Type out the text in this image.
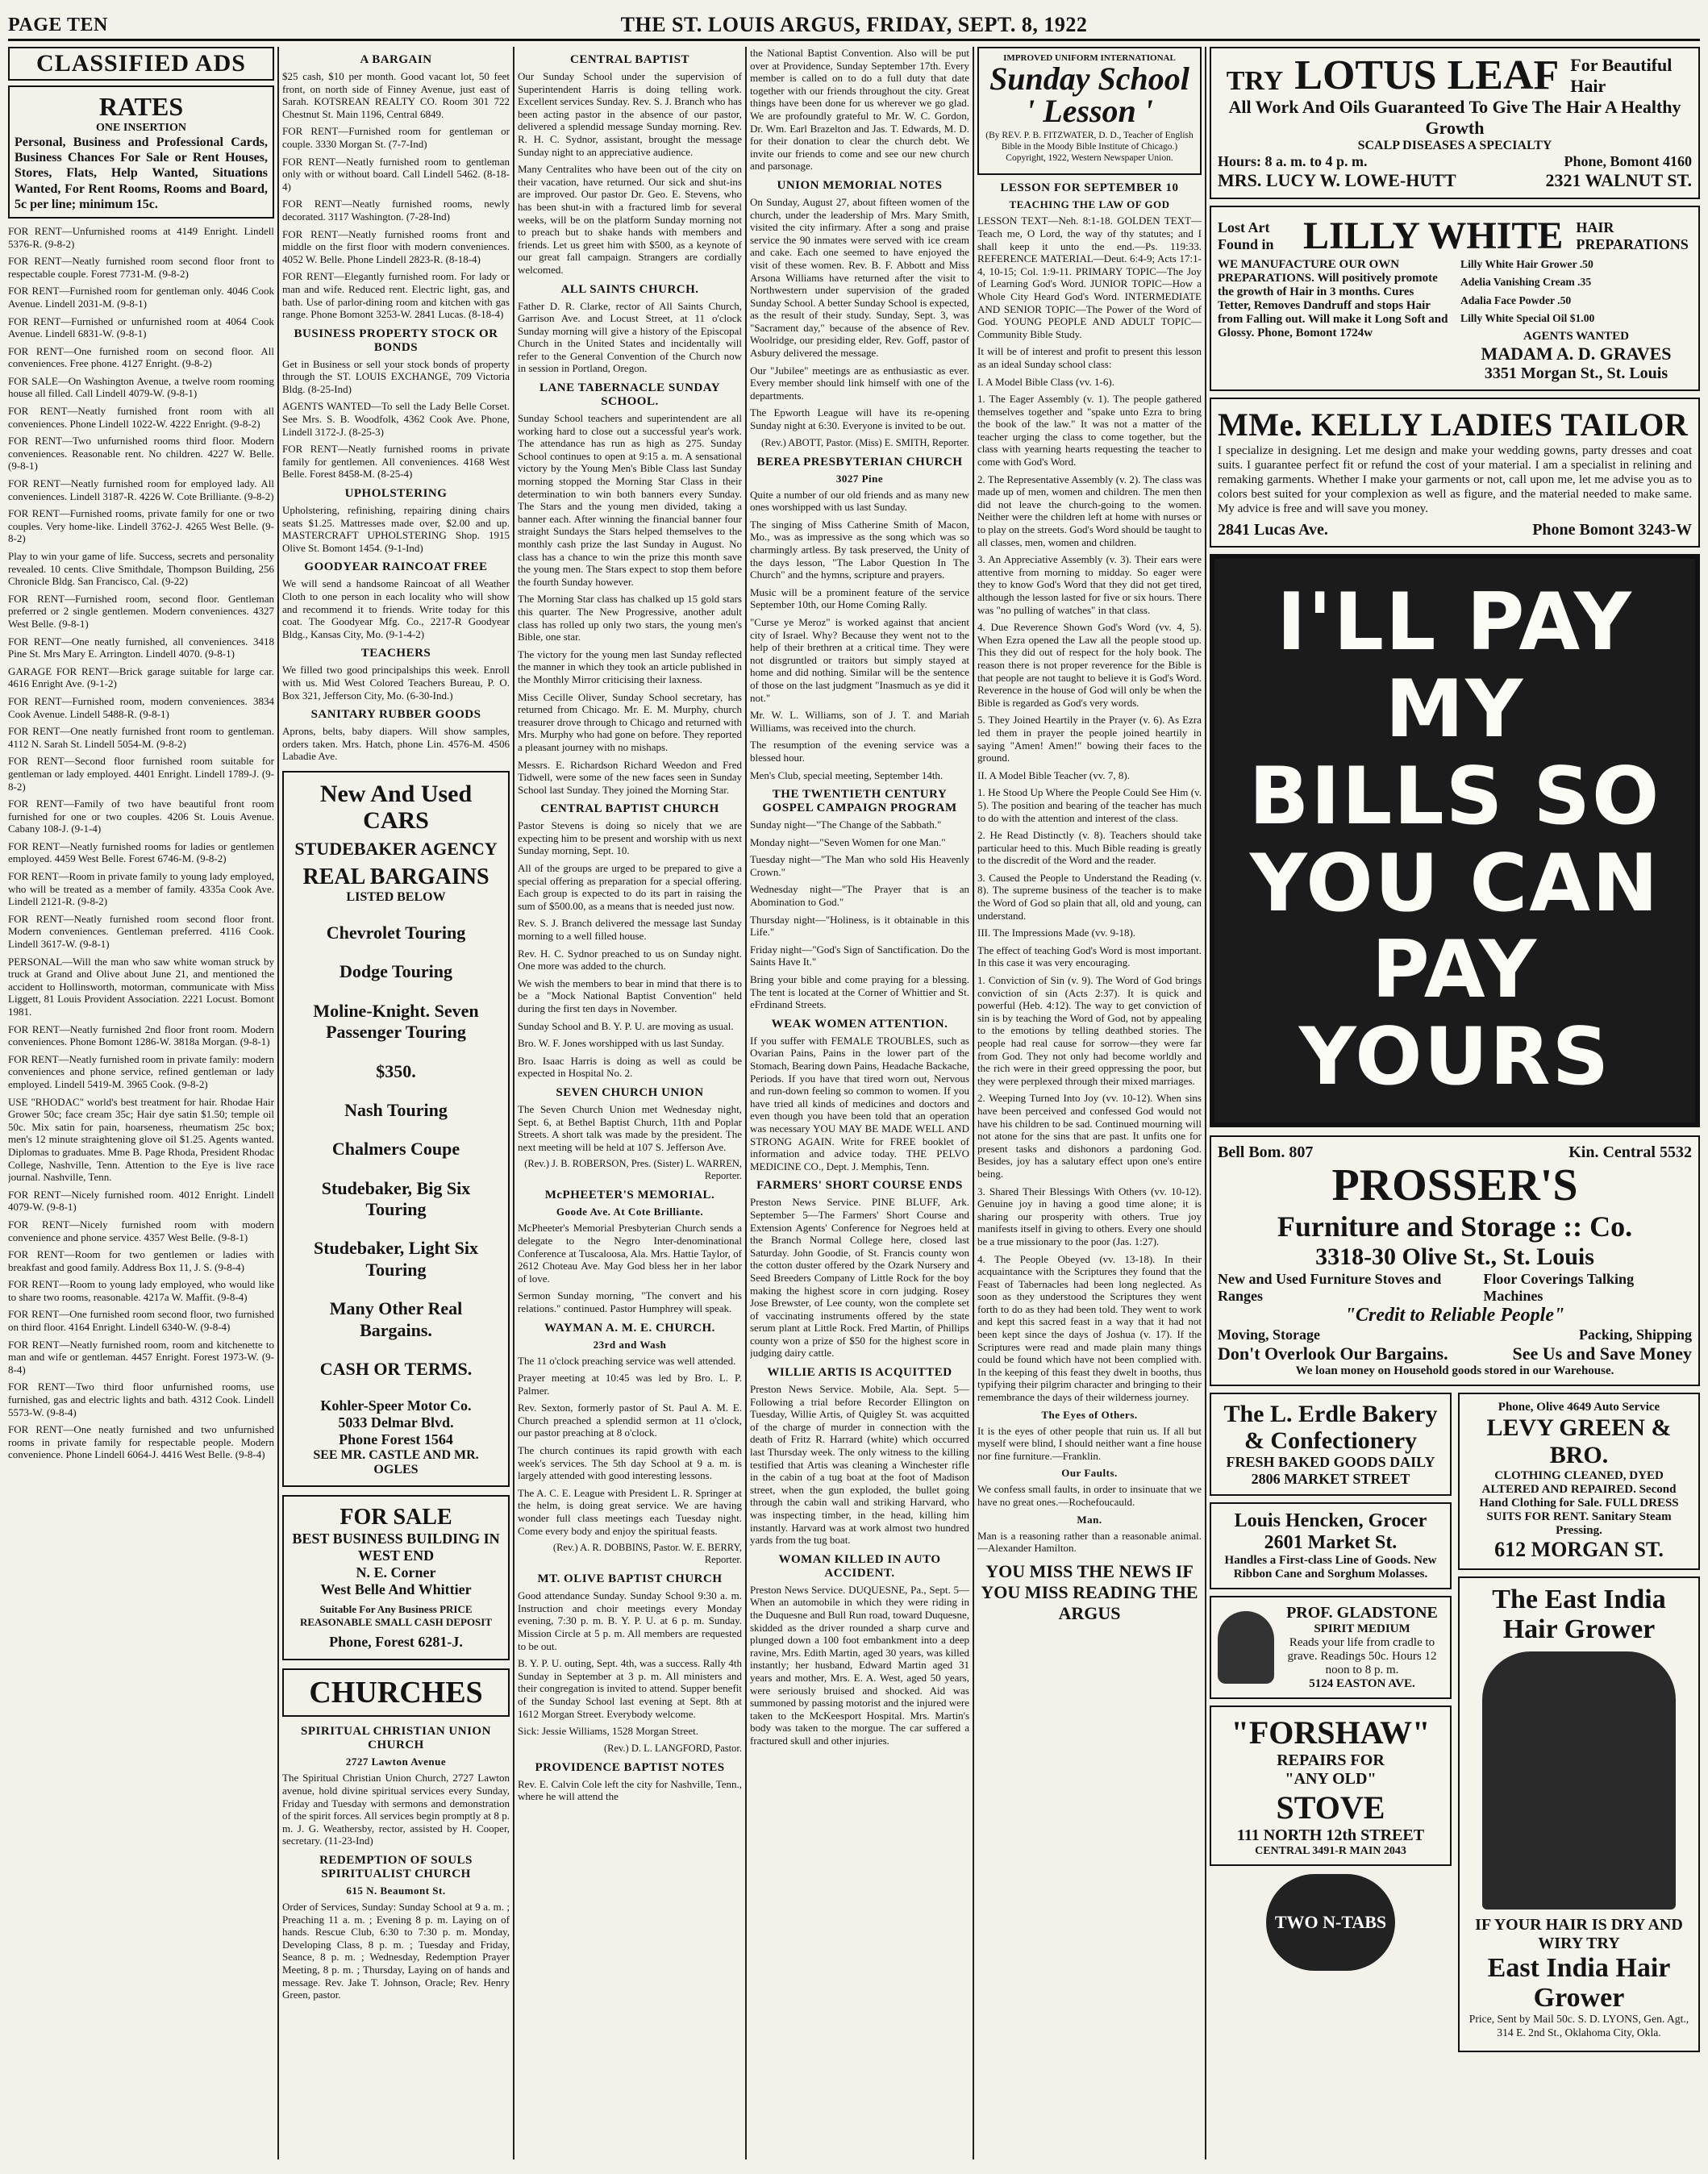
PAGE TEN	THE ST. LOUIS ARGUS, FRIDAY, SEPT. 8, 1922
CLASSIFIED ADS
RATES
ONE INSERTION
Personal, Business and Professional Cards, Business Chances For Sale or Rent Houses, Stores, Flats, Help Wanted, Situations Wanted, For Rent Rooms, Rooms and Board, 5c per line; minimum 15c.

FOR RENT—Unfurnished rooms at 4149 Enright. Lindell 5376-R. (9-8-2)

FOR RENT—Neatly furnished room second floor front to respectable couple. Forest 7731-M. (9-8-2)

FOR RENT—Furnished room for gentleman only. 4046 Cook Avenue. Lindell 2031-M. (9-8-1)

FOR RENT—Furnished or unfurnished room at 4064 Cook Avenue. Lindell 6831-W. (9-8-1)

FOR RENT—One furnished room on second floor. All conveniences. Free phone. 4127 Enright. (9-8-2)

FOR SALE—On Washington Avenue, a twelve room rooming house all filled. Call Lindell 4079-W. (9-8-1)

FOR RENT—Neatly furnished front room with all conveniences. Phone Lindell 1022-W. 4222 Enright. (9-8-2)

FOR RENT—Two unfurnished rooms third floor. Modern conveniences. Reasonable rent. No children. 4227 W. Belle. (9-8-1)

FOR RENT—Neatly furnished room for employed lady. All conveniences. Lindell 3187-R. 4226 W. Cote Brilliante. (9-8-2)

FOR RENT—Furnished rooms, private family for one or two couples. Very home-like. Lindell 3762-J. 4265 West Belle. (9-8-2)

Play to win your game of life. Success, secrets and personality revealed. 10 cents. Clive Smithdale, Thompson Building, 256 Chronicle Bldg. San Francisco, Cal. (9-22)

FOR RENT—Furnished room, second floor. Gentleman preferred or 2 single gentlemen. Modern conveniences. 4327 West Belle. (9-8-1)

FOR RENT—One neatly furnished, all conveniences. 3418 Pine St. Mrs Mary E. Arrington. Lindell 4070. (9-8-1)

GARAGE FOR RENT—Brick garage suitable for large car. 4616 Enright Ave. (9-1-2)

FOR RENT—Furnished room, modern conveniences. 3834 Cook Avenue. Lindell 5488-R. (9-8-1)

FOR RENT—One neatly furnished front room to gentleman. 4112 N. Sarah St. Lindell 5054-M. (9-8-2)

FOR RENT—Second floor furnished room suitable for gentleman or lady employed. 4401 Enright. Lindell 1789-J. (9-8-2)

FOR RENT—Family of two have beautiful front room furnished for one or two couples. 4206 St. Louis Avenue. Cabany 108-J. (9-1-4)

FOR RENT—Neatly furnished rooms for ladies or gentlemen employed. 4459 West Belle. Forest 6746-M. (9-8-2)

FOR RENT—Room in private family to young lady employed, who will be treated as a member of family. 4335a Cook Ave. Lindell 2121-R. (9-8-2)

FOR RENT—Neatly furnished room second floor front. Modern conveniences. Gentleman preferred. 4116 Cook. Lindell 3617-W. (9-8-1)

PERSONAL—Will the man who saw white woman struck by truck at Grand and Olive about June 21, and mentioned the accident to Hollinsworth, motorman, communicate with Miss Liggett, 81 Louis Provident Association. 2221 Locust. Bomont 1981.

FOR RENT—Neatly furnished 2nd floor front room. Modern conveniences. Phone Bomont 1286-W. 3818a Morgan. (9-8-1)

FOR RENT—Neatly furnished room in private family: modern conveniences and phone service, refined gentleman or lady employed. Lindell 5419-M. 3965 Cook. (9-8-2)

USE "RHODAC" world's best treatment for hair. Rhodae Hair Grower 50c; face cream 35c; Hair dye satin $1.50; temple oil 50c. Mix satin for pain, hoarseness, rheumatism 25c box; men's 12 minute straightening glove oil $1.25. Agents wanted. Diplomas to graduates. Mme B. Page Rhoda, President Rhodac College, Nashville, Tenn. Attention to the Eye is live race journal. Nashville, Tenn.

FOR RENT—Nicely furnished room. 4012 Enright. Lindell 4079-W. (9-8-1)

FOR RENT—Nicely furnished room with modern convenience and phone service. 4357 West Belle. (9-8-1)

FOR RENT—Room for two gentlemen or ladies with breakfast and good family. Address Box 11, J. S. (9-8-4)

FOR RENT—Room to young lady employed, who would like to share two rooms, reasonable. 4217a W. Maffit. (9-8-4)

FOR RENT—One furnished room second floor, two furnished on third floor. 4164 Enright. Lindell 6340-W. (9-8-4)

FOR RENT—Neatly furnished room, room and kitchenette to man and wife or gentleman. 4457 Enright. Forest 1973-W. (9-8-4)

FOR RENT—Two third floor unfurnished rooms, use furnished, gas and electric lights and bath. 4312 Cook. Lindell 5573-W. (9-8-4)

FOR RENT—One neatly furnished and two unfurnished rooms in private family for respectable people. Modern convenience. Phone Lindell 6064-J. 4416 West Belle. (9-8-4)

A BARGAIN

$25 cash, $10 per month. Good vacant lot, 50 feet front, on north side of Finney Avenue, just east of Sarah. KOTSREAN REALTY CO. Room 301 722 Chestnut St. Main 1196, Central 6849.

FOR RENT—Furnished room for gentleman or couple. 3330 Morgan St. (7-7-Ind)

FOR RENT—Neatly furnished room to gentleman only with or without board. Call Lindell 5462. (8-18-4)

FOR RENT—Neatly furnished rooms, newly decorated. 3117 Washington. (7-28-Ind)

FOR RENT—Neatly furnished rooms front and middle on the first floor with modern conveniences. 4052 W. Belle. Phone Lindell 2823-R. (8-18-4)

FOR RENT—Elegantly furnished room. For lady or man and wife. Reduced rent. Electric light, gas, and bath. Use of parlor-dining room and kitchen with gas range. Phone Bomont 3253-W. 2841 Lucas. (8-18-4)

BUSINESS PROPERTY STOCK OR BONDS

Get in Business or sell your stock bonds of property through the ST. LOUIS EXCHANGE, 709 Victoria Bldg. (8-25-Ind)

AGENTS WANTED—To sell the Lady Belle Corset. See Mrs. S. B. Woodfolk, 4362 Cook Ave. Phone, Lindell 3172-J. (8-25-3)

FOR RENT—Neatly furnished rooms in private family for gentlemen. All conveniences. 4168 West Belle. Forest 8458-M. (8-25-4)

UPHOLSTERING

Upholstering, refinishing, repairing dining chairs seats $1.25. Mattresses made over, $2.00 and up. MASTERCRAFT UPHOLSTERING Shop. 1915 Olive St. Bomont 1454. (9-1-Ind)

GOODYEAR RAINCOAT FREE

We will send a handsome Raincoat of all Weather Cloth to one person in each locality who will show and recommend it to friends. Write today for this coat. The Goodyear Mfg. Co., 2217-R Goodyear Bldg., Kansas City, Mo. (9-1-4-2)

TEACHERS

We filled two good principalships this week. Enroll with us. Mid West Colored Teachers Bureau, P. O. Box 321, Jefferson City, Mo. (6-30-Ind.)

SANITARY RUBBER GOODS

Aprons, belts, baby diapers. Will show samples, orders taken. Mrs. Hatch, phone Lin. 4576-M. 4506 Labadie Ave.

New And Used CARS
STUDEBAKER AGENCY
REAL BARGAINS
LISTED BELOW

Chevrolet Touring

Dodge Touring

Moline-Knight. Seven Passenger Touring

$350.

Nash Touring

Chalmers Coupe

Studebaker, Big Six Touring

Studebaker, Light Six Touring

Many Other Real Bargains.

CASH OR TERMS.

Kohler-Speer Motor Co.
5033 Delmar Blvd.
Phone Forest 1564
SEE MR. CASTLE AND MR. OGLES
FOR SALE
BEST BUSINESS BUILDING IN WEST END
N. E. Corner
West Belle And Whittier
Suitable For Any Business PRICE REASONABLE SMALL CASH DEPOSIT
Phone, Forest 6281-J.
CHURCHES
SPIRITUAL CHRISTIAN UNION CHURCH
2727 Lawton Avenue

The Spiritual Christian Union Church, 2727 Lawton avenue, hold divine spiritual services every Sunday, Friday and Tuesday with sermons and demonstration of the spirit forces. All services begin promptly at 8 p. m. J. G. Weathersby, rector, assisted by H. Cooper, secretary. (11-23-Ind)

REDEMPTION OF SOULS SPIRITUALIST CHURCH
615 N. Beaumont St.

Order of Services, Sunday: Sunday School at 9 a. m. ; Preaching 11 a. m. ; Evening 8 p. m. Laying on of hands. Rescue Club, 6:30 to 7:30 p. m. Monday, Developing Class, 8 p. m. ; Tuesday and Friday, Seance, 8 p. m. ; Wednesday, Redemption Prayer Meeting, 8 p. m. ; Thursday, Laying on of hands and message. Rev. Jake T. Johnson, Oracle; Rev. Henry Green, pastor.

CENTRAL BAPTIST

Our Sunday School under the supervision of Superintendent Harris is doing telling work. Excellent services Sunday. Rev. S. J. Branch who has been acting pastor in the absence of our pastor, delivered a splendid message Sunday morning. Rev. R. H. C. Sydnor, assistant, brought the message Sunday night to an appreciative audience.

Many Centralites who have been out of the city on their vacation, have returned. Our sick and shut-ins are improved. Our pastor Dr. Geo. E. Stevens, who has been shut-in with a fractured limb for several weeks, will be on the platform Sunday morning not to preach but to shake hands with members and friends. Let us greet him with $500, as a keynote of our great fall campaign. Strangers are cordially welcomed.

ALL SAINTS CHURCH.

Father D. R. Clarke, rector of All Saints Church, Garrison Ave. and Locust Street, at 11 o'clock Sunday morning will give a history of the Episcopal Church in the United States and incidentally will refer to the General Convention of the Church now in session in Portland, Oregon.

LANE TABERNACLE SUNDAY SCHOOL.

Sunday School teachers and superintendent are all working hard to close out a successful year's work. The attendance has run as high as 275. Sunday School continues to open at 9:15 a. m. A sensational victory by the Young Men's Bible Class last Sunday morning stopped the Morning Star Class in their determination to win both banners every Sunday. The Stars and the young men divided, taking a banner each. After winning the financial banner four straight Sundays the Stars helped themselves to the monthly cash prize the last Sunday in August. No class has a chance to win the prize this month save the young men. The Stars expect to stop them before the fourth Sunday however.

The Morning Star class has chalked up 15 gold stars this quarter. The New Progressive, another adult class has rolled up only two stars, the young men's Bible, one star.

The victory for the young men last Sunday reflected the manner in which they took an article published in the Monthly Mirror criticising their laxness.

Miss Cecille Oliver, Sunday School secretary, has returned from Chicago. Mr. E. M. Murphy, church treasurer drove through to Chicago and returned with Mrs. Murphy who had gone on before. They reported a pleasant journey with no mishaps.

Messrs. E. Richardson Richard Weedon and Fred Tidwell, were some of the new faces seen in Sunday School last Sunday. They joined the Morning Star.

CENTRAL BAPTIST CHURCH

Pastor Stevens is doing so nicely that we are expecting him to be present and worship with us next Sunday morning, Sept. 10.

All of the groups are urged to be prepared to give a special offering as preparation for a special offering. Each group is expected to do its part in raising the sum of $500.00, as a means that is needed just now.

Rev. S. J. Branch delivered the message last Sunday morning to a well filled house.

Rev. H. C. Sydnor preached to us on Sunday night. One more was added to the church.

We wish the members to bear in mind that there is to be a "Mock National Baptist Convention" held during the first ten days in November.

Sunday School and B. Y. P. U. are moving as usual.

Bro. W. F. Jones worshipped with us last Sunday.

Bro. Isaac Harris is doing as well as could be expected in Hospital No. 2.

SEVEN CHURCH UNION

The Seven Church Union met Wednesday night, Sept. 6, at Bethel Baptist Church, 11th and Poplar Streets. A short talk was made by the president. The next meeting will be held at 107 S. Jefferson Ave.

(Rev.) J. B. ROBERSON, Pres. (Sister) L. WARREN, Reporter.

McPHEETER'S MEMORIAL.
Goode Ave. At Cote Brilliante.

McPheeter's Memorial Presbyterian Church sends a delegate to the Negro Inter-denominational Conference at Tuscaloosa, Ala. Mrs. Hattie Taylor, of 2612 Choteau Ave. May God bless her in her labor of love.

Sermon Sunday morning, "The convert and his relations." continued. Pastor Humphrey will speak.

WAYMAN A. M. E. CHURCH.
23rd and Wash

The 11 o'clock preaching service was well attended.

Prayer meeting at 10:45 was led by Bro. L. P. Palmer.

Rev. Sexton, formerly pastor of St. Paul A. M. E. Church preached a splendid sermon at 11 o'clock, our pastor preaching at 8 o'clock.

The church continues its rapid growth with each week's services. The 5th day School at 9 a. m. is largely attended with good interesting lessons.

The A. C. E. League with President L. R. Springer at the helm, is doing great service. We are having wonder full class meetings each Tuesday night. Come every body and enjoy the spiritual feasts.

(Rev.) A. R. DOBBINS, Pastor. W. E. BERRY, Reporter.

MT. OLIVE BAPTIST CHURCH

Good attendance Sunday. Sunday School 9:30 a. m. Instruction and choir meetings every Monday evening, 7:30 p. m. B. Y. P. U. at 6 p. m. Sunday. Mission Circle at 5 p. m. All members are requested to be out.

B. Y. P. U. outing, Sept. 4th, was a success. Rally 4th Sunday in September at 3 p. m. All ministers and their congregation is invited to attend. Supper benefit of the Sunday School last evening at Sept. 8th at 1612 Morgan Street. Everybody welcome.

Sick: Jessie Williams, 1528 Morgan Street.

(Rev.) D. L. LANGFORD, Pastor.

PROVIDENCE BAPTIST NOTES

Rev. E. Calvin Cole left the city for Nashville, Tenn., where he will attend the

the National Baptist Convention. Also will be put over at Providence, Sunday September 17th. Every member is called on to do a full duty that date together with our friends throughout the city. Great things have been done for us wherever we go glad. We are profoundly grateful to Mr. W. C. Gordon, Dr. Wm. Earl Brazelton and Jas. T. Edwards, M. D. for their donation to clear the church debt. We invite our friends to come and see our new church and parsonage.

UNION MEMORIAL NOTES

On Sunday, August 27, about fifteen women of the church, under the leadership of Mrs. Mary Smith, visited the city infirmary. After a song and praise service the 90 inmates were served with ice cream and cake. Each one seemed to have enjoyed the visit of these women. Rev. B. F. Abbott and Miss Arsona Williams have returned after the visit to Northwestern under supervision of the graded Sunday School. A better Sunday School is expected, as the result of their study. Sunday, Sept. 3, was "Sacrament day," because of the absence of Rev. Woolridge, our presiding elder, Rev. Goff, pastor of Asbury delivered the message.

Our "Jubilee" meetings are as enthusiastic as ever. Every member should link himself with one of the departments.

The Epworth League will have its re-opening Sunday night at 6:30. Everyone is invited to be out.

(Rev.) ABOTT, Pastor. (Miss) E. SMITH, Reporter.

BEREA PRESBYTERIAN CHURCH
3027 Pine

Quite a number of our old friends and as many new ones worshipped with us last Sunday.

The singing of Miss Catherine Smith of Macon, Mo., was as impressive as the song which was so charmingly artless. By task preserved, the Unity of the days lesson, "The Labor Question In The Church" and the hymns, scripture and prayers.

Music will be a prominent feature of the service September 10th, our Home Coming Rally.

"Curse ye Meroz" is worked against that ancient city of Israel. Why? Because they went not to the help of their brethren at a critical time. They were not disgruntled or traitors but simply stayed at home and did nothing. Similar will be the sentence of those on the last judgment "Inasmuch as ye did it not."

Mr. W. L. Williams, son of J. T. and Mariah Williams, was received into the church.

The resumption of the evening service was a blessed hour.

Men's Club, special meeting, September 14th.

THE TWENTIETH CENTURY GOSPEL CAMPAIGN PROGRAM

Sunday night—"The Change of the Sabbath."

Monday night—"Seven Women for one Man."

Tuesday night—"The Man who sold His Heavenly Crown."

Wednesday night—"The Prayer that is an Abomination to God."

Thursday night—"Holiness, is it obtainable in this Life."

Friday night—"God's Sign of Sanctification. Do the Saints Have It."

Bring your bible and come praying for a blessing. The tent is located at the Corner of Whittier and St. eFrdinand Streets.

WEAK WOMEN ATTENTION.

If you suffer with FEMALE TROUBLES, such as Ovarian Pains, Pains in the lower part of the Stomach, Bearing down Pains, Headache Backache, Periods. If you have that tired worn out, Nervous and run-down feeling so common to women. If you have tried all kinds of medicines and doctors and even though you have been told that an operation was necessary YOU MAY BE MADE WELL AND STRONG AGAIN. Write for FREE booklet of information and advice today. THE PELVO MEDICINE CO., Dept. J. Memphis, Tenn.

FARMERS' SHORT COURSE ENDS

Preston News Service. PINE BLUFF, Ark. September 5—The Farmers' Short Course and Extension Agents' Conference for Negroes held at the Branch Normal College here, closed last Saturday. John Goodie, of St. Francis county won the cotton duster offered by the Ozark Nursery and Seed Breeders Company of Little Rock for the boy making the highest score in corn judging. Rosey Jose Brewster, of Lee county, won the complete set of vaccinating instruments offered by the state serum plant at Little Rock. Fred Martin, of Phillips county won a prize of $50 for the highest score in judging dairy cattle.

WILLIE ARTIS IS ACQUITTED

Preston News Service. Mobile, Ala. Sept. 5—Following a trial before Recorder Ellington on Tuesday, Willie Artis, of Quigley St. was acquitted of the charge of murder in connection with the death of Fritz R. Harrard (white) which occurred last Thursday week. The only witness to the killing testified that Artis was cleaning a Winchester rifle in the cabin of a tug boat at the foot of Madison street, when the gun exploded, the bullet going through the cabin wall and striking Harvard, who was inspecting timber, in the head, killing him instantly. Harvard was at work almost two hundred yards from the tug boat.

WOMAN KILLED IN AUTO ACCIDENT.

Preston News Service. DUQUESNE, Pa., Sept. 5—When an automobile in which they were riding in the Duquesne and Bull Run road, toward Duquesne, skidded as the driver rounded a sharp curve and plunged down a 100 foot embankment into a deep ravine, Mrs. Edith Martin, aged 30 years, was killed instantly; her husband, Edward Martin aged 31 years and mother, Mrs. E. A. West, aged 50 years, were seriously bruised and shocked. Aid was summoned by passing motorist and the injured were taken to the McKeesport Hospital. Mrs. Martin's body was taken to the morgue. The car suffered a fractured skull and other injuries.

IMPROVED UNIFORM INTERNATIONAL
Sunday School
' Lesson '

(By REV. P. B. FITZWATER, D. D., Teacher of English Bible in the Moody Bible Institute of Chicago.) Copyright, 1922, Western Newspaper Union.

LESSON FOR SEPTEMBER 10
TEACHING THE LAW OF GOD

LESSON TEXT—Neh. 8:1-18. GOLDEN TEXT—Teach me, O Lord, the way of thy statutes; and I shall keep it unto the end.—Ps. 119:33. REFERENCE MATERIAL—Deut. 6:4-9; Acts 17:1-4, 10-15; Col. 1:9-11. PRIMARY TOPIC—The Joy of Learning God's Word. JUNIOR TOPIC—How a Whole City Heard God's Word. INTERMEDIATE AND SENIOR TOPIC—The Power of the Word of God. YOUNG PEOPLE AND ADULT TOPIC—Community Bible Study.

It will be of interest and profit to present this lesson as an ideal Sunday school class:

I. A Model Bible Class (vv. 1-6).

1. The Eager Assembly (v. 1). The people gathered themselves together and "spake unto Ezra to bring the book of the law." It was not a matter of the teacher urging the class to come together, but the class with yearning hearts requesting the teacher to come with God's Word.

2. The Representative Assembly (v. 2). The class was made up of men, women and children. The men then did not leave the church-going to the women. Neither were the children left at home with nurses or to play on the streets. God's Word should be taught to all classes, men, women and children.

3. An Appreciative Assembly (v. 3). Their ears were attentive from morning to midday. So eager were they to know God's Word that they did not get tired, although the lesson lasted for five or six hours. There was "no pulling of watches" in that class.

4. Due Reverence Shown God's Word (vv. 4, 5). When Ezra opened the Law all the people stood up. This they did out of respect for the holy book. The reason there is not proper reverence for the Bible is that people are not taught to believe it is God's Word. Reverence in the house of God will only be when the Bible is regarded as God's very words.

5. They Joined Heartily in the Prayer (v. 6). As Ezra led them in prayer the people joined heartily in saying "Amen! Amen!" bowing their faces to the ground.

II. A Model Bible Teacher (vv. 7, 8).

1. He Stood Up Where the People Could See Him (v. 5). The position and bearing of the teacher has much to do with the attention and interest of the class.

2. He Read Distinctly (v. 8). Teachers should take particular heed to this. Much Bible reading is greatly to the discredit of the Word and the reader.

3. Caused the People to Understand the Reading (v. 8). The supreme business of the teacher is to make the Word of God so plain that all, old and young, can understand.

III. The Impressions Made (vv. 9-18).

The effect of teaching God's Word is most important. In this case it was very encouraging.

1. Conviction of Sin (v. 9). The Word of God brings conviction of sin (Acts 2:37). It is quick and powerful (Heb. 4:12). The way to get conviction of sin is by teaching the Word of God, not by appealing to the emotions by telling deathbed stories. The people had real cause for sorrow—they were far from God. They not only had become worldly and the rich were in their greed oppressing the poor, but they were perplexed through their mixed marriages.

2. Weeping Turned Into Joy (vv. 10-12). When sins have been perceived and confessed God would not have his children to be sad. Continued mourning will not atone for the sins that are past. It unfits one for present tasks and dishonors a pardoning God. Besides, joy has a salutary effect upon one's entire being.

3. Shared Their Blessings With Others (vv. 10-12). Genuine joy in having a good time alone; it is sharing our prosperity with others. True joy manifests itself in giving to others. Every one should be a true missionary to the poor (Jas. 1:27).

4. The People Obeyed (vv. 13-18). In their acquaintance with the Scriptures they found that the Feast of Tabernacles had been long neglected. As soon as they understood the Scriptures they went forth to do as they had been told. They went to work and kept this sacred feast in a way that it had not been kept since the days of Joshua (v. 17). If the Scriptures were read and made plain many things could be found which have not been complied with. In the keeping of this feast they dwelt in booths, thus typifying their pilgrim character and bringing to their remembrance the days of their wilderness journey.

The Eyes of Others.

It is the eyes of other people that ruin us. If all but myself were blind, I should neither want a fine house nor fine furniture.—Franklin.

Our Faults.

We confess small faults, in order to insinuate that we have no great ones.—Rochefoucauld.

Man.

Man is a reasoning rather than a reasonable animal.—Alexander Hamilton.

YOU MISS THE NEWS IF YOU MISS READING THE ARGUS
TRY LOTUS LEAF For Beautiful Hair
All Work And Oils Guaranteed To Give The Hair A Healthy Growth
SCALP DISEASES A SPECIALTY
Hours: 8 a. m. to 4 p. m.	Phone, Bomont 4160
MRS. LUCY W. LOWE-HUTT	2321 WALNUT ST.
Lost Art Found in LILLY WHITE HAIR PREPARATIONS
WE MANUFACTURE OUR OWN PREPARATIONS. Will positively promote the growth of Hair in 3 months. Cures Tetter, Removes Dandruff and stops Hair from Falling out. Will make it Long Soft and Glossy. Phone, Bomont 1724w

Lilly White Hair Grower .50

Adelia Vanishing Cream .35

Adalia Face Powder .50

Lilly White Special Oil $1.00

AGENTS WANTED
MADAM A. D. GRAVES
3351 Morgan St., St. Louis
MMe. KELLY LADIES TAILOR

I specialize in designing. Let me design and make your wedding gowns, party dresses and coat suits. I guarantee perfect fit or refund the cost of your material. I am a specialist in relining and remaking garments. Whether I make your garments or not, call upon me, let me advise you as to colors best suited for your complexion as well as figure, and the material needed to make same. My advice is free and will save you money.

2841 Lucas Ave.	Phone Bomont 3243-W
I'LL PAY MY
BILLS SO
YOU CAN
PAY YOURS
Bell Bom. 807	Kin. Central 5532
PROSSER'S
Furniture and Storage :: Co.
3318-30 Olive St., St. Louis
New and Used Furniture Stoves and Ranges
Floor Coverings Talking Machines
"Credit to Reliable People"
Moving, Storage	Packing, Shipping
Don't Overlook Our Bargains.	See Us and Save Money
We loan money on Household goods stored in our Warehouse.
The L. Erdle Bakery & Confectionery
FRESH BAKED GOODS DAILY
2806 MARKET STREET
Louis Hencken, Grocer
2601 Market St.
Handles a First-class Line of Goods. New Ribbon Cane and Sorghum Molasses.
PROF. GLADSTONE
SPIRIT MEDIUM
Reads your life from cradle to grave. Readings 50c. Hours 12 noon to 8 p. m.
5124 EASTON AVE.
"FORSHAW"
REPAIRS FOR
"ANY OLD"
STOVE
111 NORTH 12th STREET
CENTRAL 3491-R MAIN 2043
TWO N-TABS
Phone, Olive 4649 Auto Service
LEVY GREEN & BRO.
CLOTHING CLEANED, DYED ALTERED AND REPAIRED. Second Hand Clothing for Sale. FULL DRESS SUITS FOR RENT. Sanitary Steam Pressing.
612 MORGAN ST.
The East India Hair Grower
IF YOUR HAIR IS DRY AND WIRY TRY
East India Hair Grower

Price, Sent by Mail 50c. S. D. LYONS, Gen. Agt., 314 E. 2nd St., Oklahoma City, Okla.
